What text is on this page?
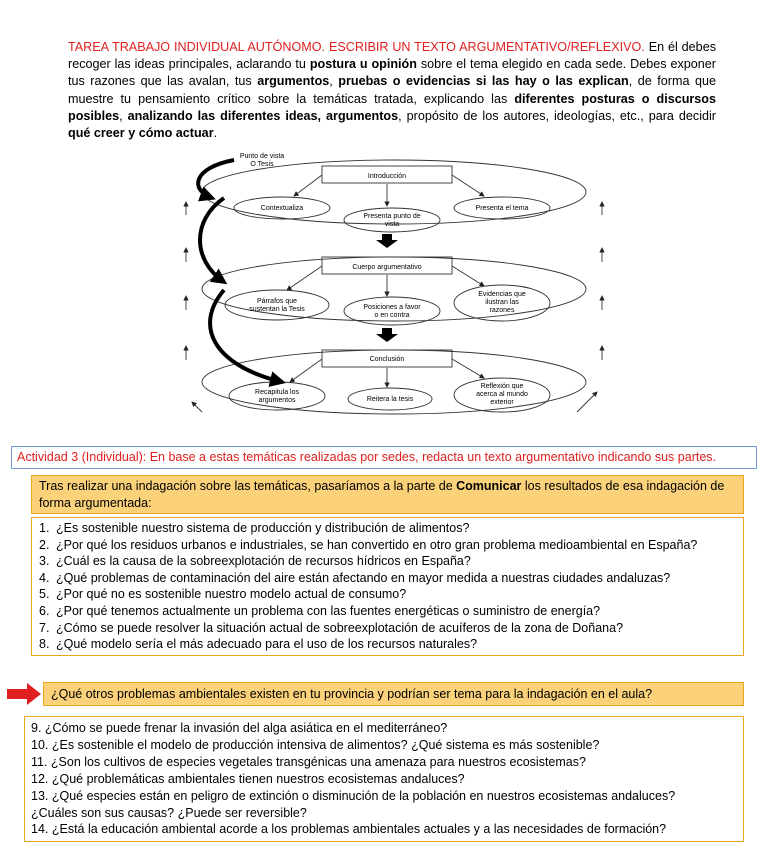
TAREA TRABAJO INDIVIDUAL AUTÓNOMO. ESCRIBIR UN TEXTO ARGUMENTATIVO/REFLEXIVO. En él debes recoger las ideas principales, aclarando tu postura u opinión sobre el tema elegido en cada sede. Debes exponer tus razones que las avalan, tus argumentos, pruebas o evidencias si las hay o las explican, de forma que muestre tu pensamiento crítico sobre la temáticas tratada, explicando las diferentes posturas o discursos posibles, analizando las diferentes ideas, argumentos, propósito de los autores, ideologías, etc., para decidir qué creer y cómo actuar.
Punto de vista
O Tesis
Introducción
Contextualiza
Presenta punto de
vista
Presenta el tema
Cuerpo argumentativo
Párrafos que
sustentan la Tesis	Posiciones a favor
o en contra
Evidencias que
ilustran las
razones
Conclusión
Recapitula los
argumentos	Reitera la tesis
Reflexión que
acerca al mundo
exterior
Actividad 3 (Individual): En base a estas temáticas realizadas por sedes, redacta un texto argumentativo indicando sus partes.
Tras realizar una indagación sobre las temáticas, pasaríamos a la parte de Comunicar los resultados de esa indagación de forma argumentada:
1. ¿Es sostenible nuestro sistema de producción y distribución de alimentos?
2. ¿Por qué los residuos urbanos e industriales, se han convertido en otro gran problema medioambiental en España?
3. ¿Cuál es la causa de la sobreexplotación de recursos hídricos en España?
4. ¿Qué problemas de contaminación del aire están afectando en mayor medida a nuestras ciudades andaluzas?
5. ¿Por qué no es sostenible nuestro modelo actual de consumo?
6. ¿Por qué tenemos actualmente un problema con las fuentes energéticas o suministro de energía?
7. ¿Cómo se puede resolver la situación actual de sobreexplotación de acuíferos de la zona de Doñana?
8. ¿Qué modelo sería el más adecuado para el uso de los recursos naturales?
¿Qué otros problemas ambientales existen en tu provincia y podrían ser tema para la indagación en el aula?
9. ¿Cómo se puede frenar la invasión del alga asiática en el mediterráneo?
10. ¿Es sostenible el modelo de producción intensiva de alimentos? ¿Qué sistema es más sostenible?
11. ¿Son los cultivos de especies vegetales transgénicas una amenaza para nuestros ecosistemas?
12. ¿Qué problemáticas ambientales tienen nuestros ecosistemas andaluces?
13. ¿Qué especies están en peligro de extinción o disminución de la población en nuestros ecosistemas andaluces?
¿Cuáles son sus causas? ¿Puede ser reversible?
14. ¿Está la educación ambiental acorde a los problemas ambientales actuales y a las necesidades de formación?
